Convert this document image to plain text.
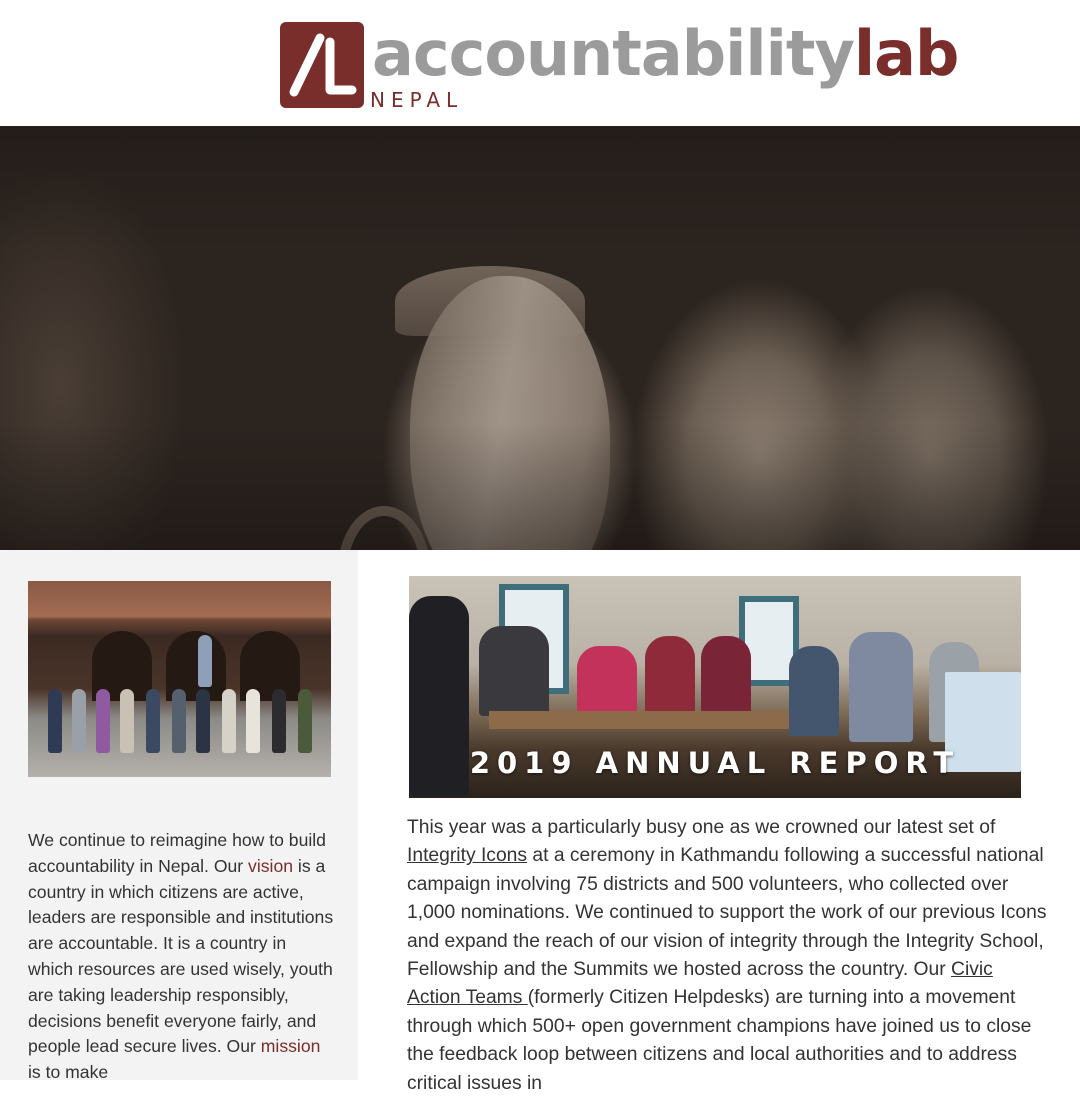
accountabilitylab
NEPAL
We continue to reimagine how to build accountability in Nepal. Our vision is a country in which citizens are active, leaders are responsible and institutions are accountable. It is a country in which resources are used wisely, youth are taking leadership responsibly, decisions benefit everyone fairly, and people lead secure lives. Our mission is to make
2019 ANNUAL REPORT
This year was a particularly busy one as we crowned our latest set of Integrity Icons at a ceremony in Kathmandu following a successful national campaign involving 75 districts and 500 volunteers, who collected over 1,000 nominations. We continued to support the work of our previous Icons and expand the reach of our vision of integrity through the Integrity School, Fellowship and the Summits we hosted across the country. Our Civic Action Teams (formerly Citizen Helpdesks) are turning into a movement through which 500+ open government champions have joined us to close the feedback loop between citizens and local authorities and to address critical issues in
